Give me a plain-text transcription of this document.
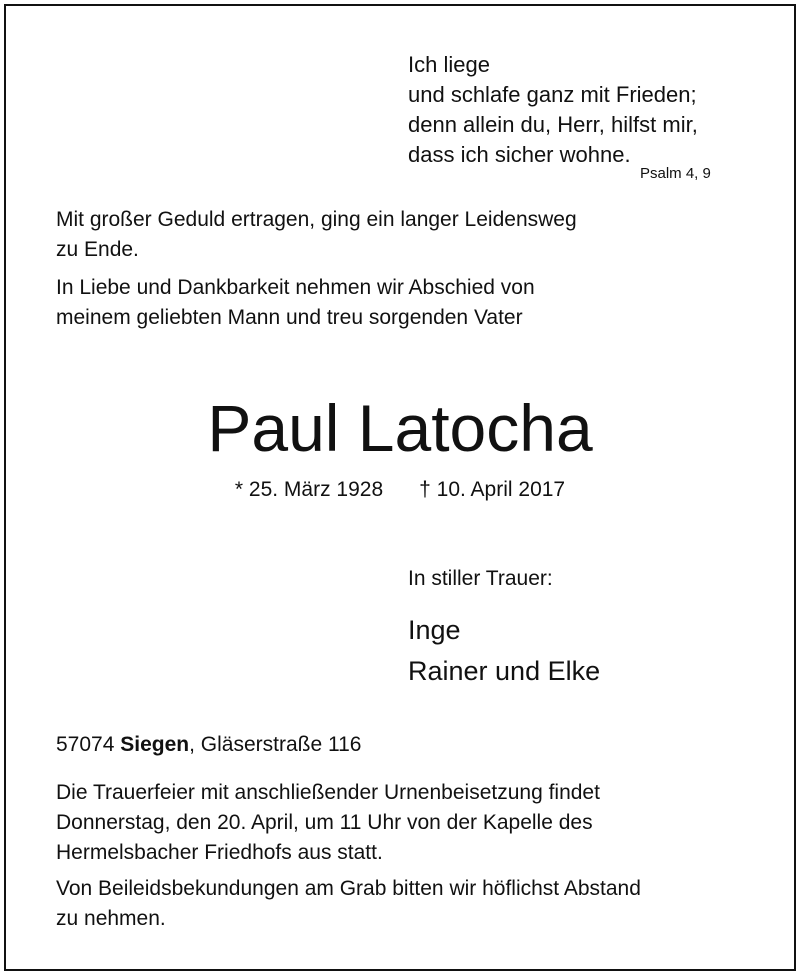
Ich liege
und schlafe ganz mit Frieden;
denn allein du, Herr, hilfst mir,
dass ich sicher wohne.
Psalm 4, 9
Mit großer Geduld ertragen, ging ein langer Leidensweg
zu Ende.
In Liebe und Dankbarkeit nehmen wir Abschied von
meinem geliebten Mann und treu sorgenden Vater
Paul Latocha
* 25. März 1928 † 10. April 2017
In stiller Trauer:
Inge
Rainer und Elke
57074 Siegen, Gläserstraße 116
Die Trauerfeier mit anschließender Urnenbeisetzung findet
Donnerstag, den 20. April, um 11 Uhr von der Kapelle des
Hermelsbacher Friedhofs aus statt.
Von Beileidsbekundungen am Grab bitten wir höflichst Abstand
zu nehmen.
